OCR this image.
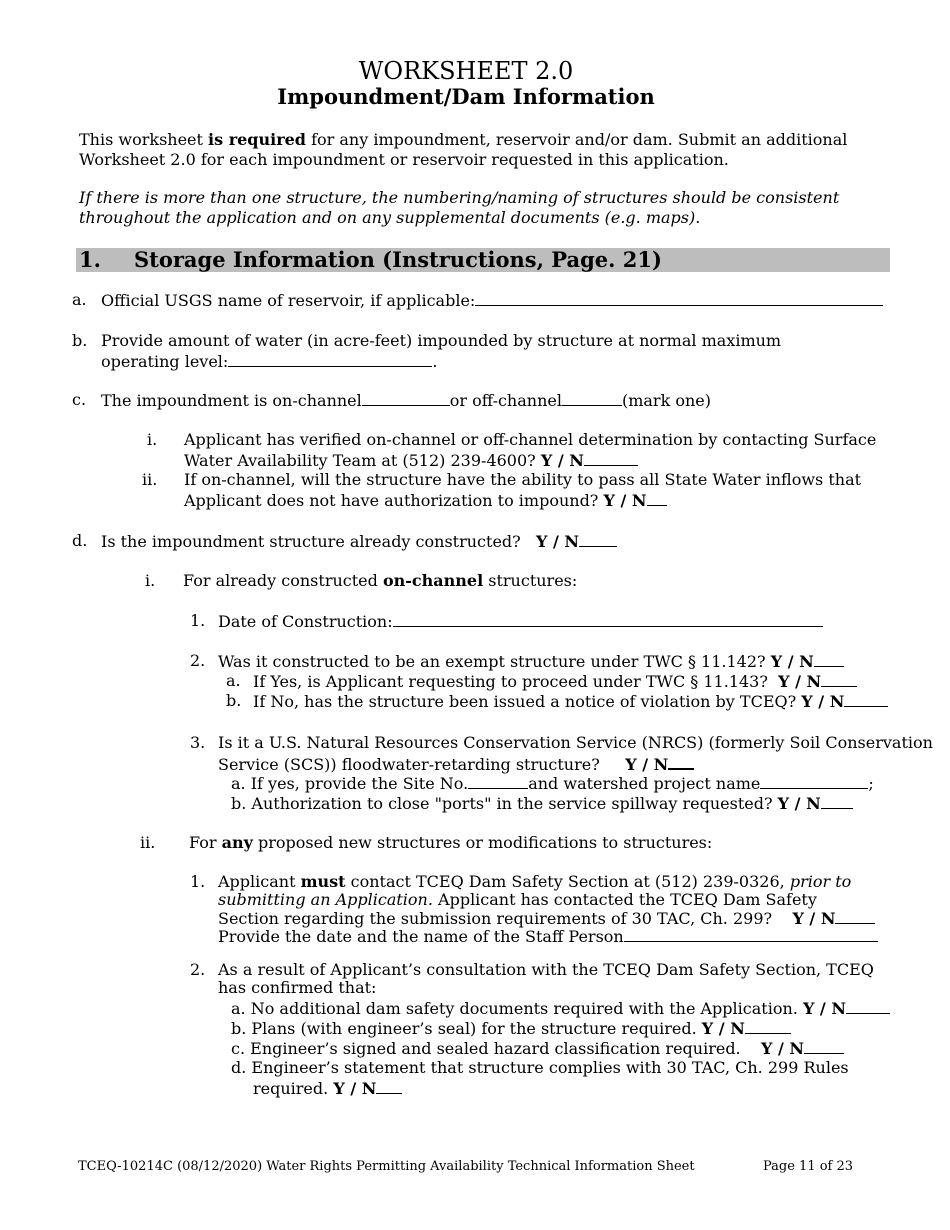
WORKSHEET 2.0
Impoundment/Dam Information
This worksheet is required for any impoundment, reservoir and/or dam. Submit an additional
Worksheet 2.0 for each impoundment or reservoir requested in this application.
If there is more than one structure, the numbering/naming of structures should be consistent
throughout the application and on any supplemental documents (e.g. maps).
1. Storage Information (Instructions, Page. 21)
a. Official USGS name of reservoir, if applicable:
b. Provide amount of water (in acre-feet) impounded by structure at normal maximum
operating level:	.
c. The impoundment is on-channel	or off-channel	(mark one)
i. Applicant has verified on-channel or off-channel determination by contacting Surface
Water Availability Team at (512) 239-4600? Y / N
ii. If on-channel, will the structure have the ability to pass all State Water inflows that
Applicant does not have authorization to impound? Y / N
d. Is the impoundment structure already constructed? Y / N
i. For already constructed on-channel structures:
1. Date of Construction:
2. Was it constructed to be an exempt structure under TWC § 11.142? Y / N
a. If Yes, is Applicant requesting to proceed under TWC § 11.143? Y / N
b. If No, has the structure been issued a notice of violation by TCEQ? Y / N
3. Is it a U.S. Natural Resources Conservation Service (NRCS) (formerly Soil Conservation
Service (SCS)) floodwater-retarding structure? Y / N
a. If yes, provide the Site No.	and watershed project name	;
b. Authorization to close "ports" in the service spillway requested? Y / N
ii. For any proposed new structures or modifications to structures:
1. Applicant must contact TCEQ Dam Safety Section at (512) 239-0326, prior to
submitting an Application. Applicant has contacted the TCEQ Dam Safety
Section regarding the submission requirements of 30 TAC, Ch. 299? Y / N
Provide the date and the name of the Staff Person
2. As a result of Applicant’s consultation with the TCEQ Dam Safety Section, TCEQ
has confirmed that:
a. No additional dam safety documents required with the Application. Y / N
b. Plans (with engineer’s seal) for the structure required. Y / N
c. Engineer’s signed and sealed hazard classification required. Y / N
d. Engineer’s statement that structure complies with 30 TAC, Ch. 299 Rules
required. Y / N
TCEQ-10214C (08/12/2020) Water Rights Permitting Availability Technical Information Sheet	Page 11 of 23
